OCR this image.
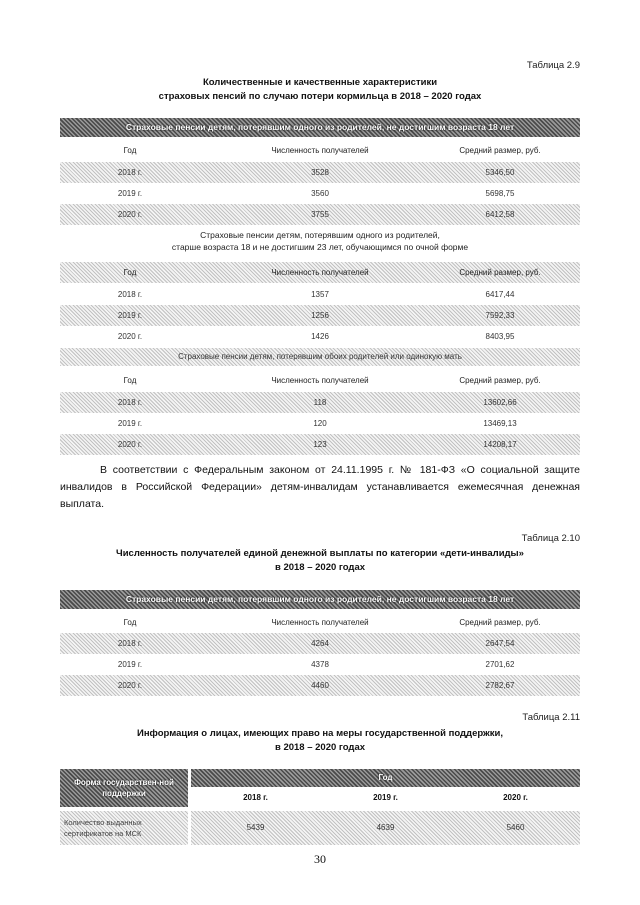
Таблица 2.9
Количественные и качественные характеристики
страховых пенсий по случаю потери кормильца в 2018 – 2020 годах
Страховые пенсии детям, потерявшим одного из родителей, не достигшим возраста 18 лет
Год	Численность получателей	Средний размер, руб.
2018 г.	3528	5346,50
2019 г.	3560	5698,75
2020 г.	3755	6412,58
Страховые пенсии детям, потерявшим одного из родителей,
старше возраста 18 и не достигшим 23 лет, обучающимся по очной форме
Год	Численность получателей	Средний размер, руб.
2018 г.	1357	6417,44
2019 г.	1256	7592,33
2020 г.	1426	8403,95
Страховые пенсии детям, потерявшим обоих родителей или одинокую мать
Год	Численность получателей	Средний размер, руб.
2018 г.	118	13602,66
2019 г.	120	13469,13
2020 г.	123	14208,17

В соответствии с Федеральным законом от 24.11.1995 г. № 181-ФЗ «О социальной защите инвалидов в Российской Федерации» детям-инвалидам устанавливается ежемесячная денежная выплата.

Таблица 2.10
Численность получателей единой денежной выплаты по категории «дети-инвалиды»
в 2018 – 2020 годах
Страховые пенсии детям, потерявшим одного из родителей, не достигшим возраста 18 лет
Год	Численность получателей	Средний размер, руб.
2018 г.	4264	2647,54
2019 г.	4378	2701,62
2020 г.	4460	2782,67
Таблица 2.11
Информация о лицах, имеющих право на меры государственной поддержки,
в 2018 – 2020 годах
Форма государствен-ной поддержки
Год
2018 г.	2019 г.	2020 г.
Количество выданных сертификатов на МСК
5439	4639	5460
30
